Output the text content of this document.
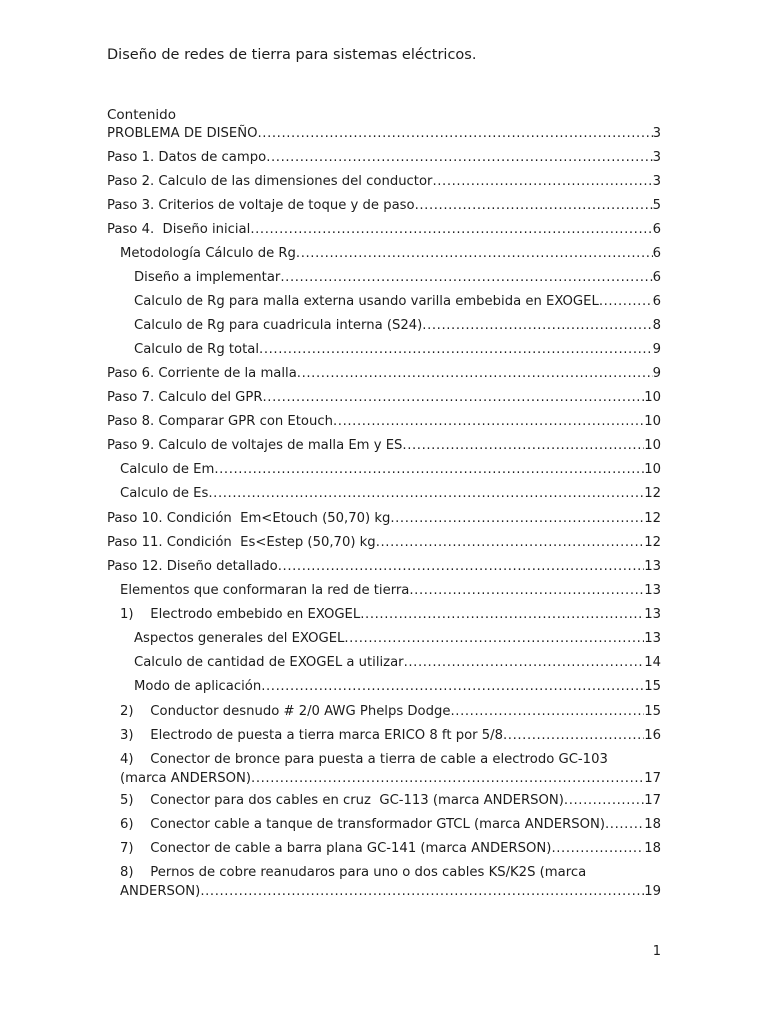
Diseño de redes de tierra para sistemas eléctricos.
Contenido
PROBLEMA DE DISEÑO .....	3
Paso 1. Datos de campo .....	3
Paso 2. Calculo de las dimensiones del conductor .....	3
Paso 3. Criterios de voltaje de toque y de paso .....	5
Paso 4.  Diseño inicial .....	6
Metodología Cálculo de Rg .....	6
Diseño a implementar .....	6
Calculo de Rg para malla externa usando varilla embebida en EXOGEL .....	6
Calculo de Rg para cuadricula interna (S24) .....	8
Calculo de Rg total .....	9
Paso 6. Corriente de la malla .....	9
Paso 7. Calculo del GPR .....	10
Paso 8. Comparar GPR con Etouch .....	10
Paso 9. Calculo de voltajes de malla Em y ES .....	10
Calculo de Em .....	10
Calculo de Es .....	12
Paso 10. Condición  Em<Etouch (50,70) kg .....	12
Paso 11. Condición  Es<Estep (50,70) kg .....	12
Paso 12. Diseño detallado .....	13
Elementos que conformaran la red de tierra .....	13
1)    Electrodo embebido en EXOGEL .....	13
Aspectos generales del EXOGEL .....	13
Calculo de cantidad de EXOGEL a utilizar .....	14
Modo de aplicación .....	15
2)    Conductor desnudo # 2/0 AWG Phelps Dodge .....	15
3)    Electrodo de puesta a tierra marca ERICO 8 ft por 5/8 .....	16
4)    Conector de bronce para puesta a tierra de cable a electrodo GC-103
(marca ANDERSON) .....	17
5)    Conector para dos cables en cruz  GC-113 (marca ANDERSON) .....	17
6)    Conector cable a tanque de transformador GTCL (marca ANDERSON) .....	18
7)    Conector de cable a barra plana GC-141 (marca ANDERSON) .....	18
8)    Pernos de cobre reanudaros para uno o dos cables KS/K2S (marca
ANDERSON) .....	19
1
